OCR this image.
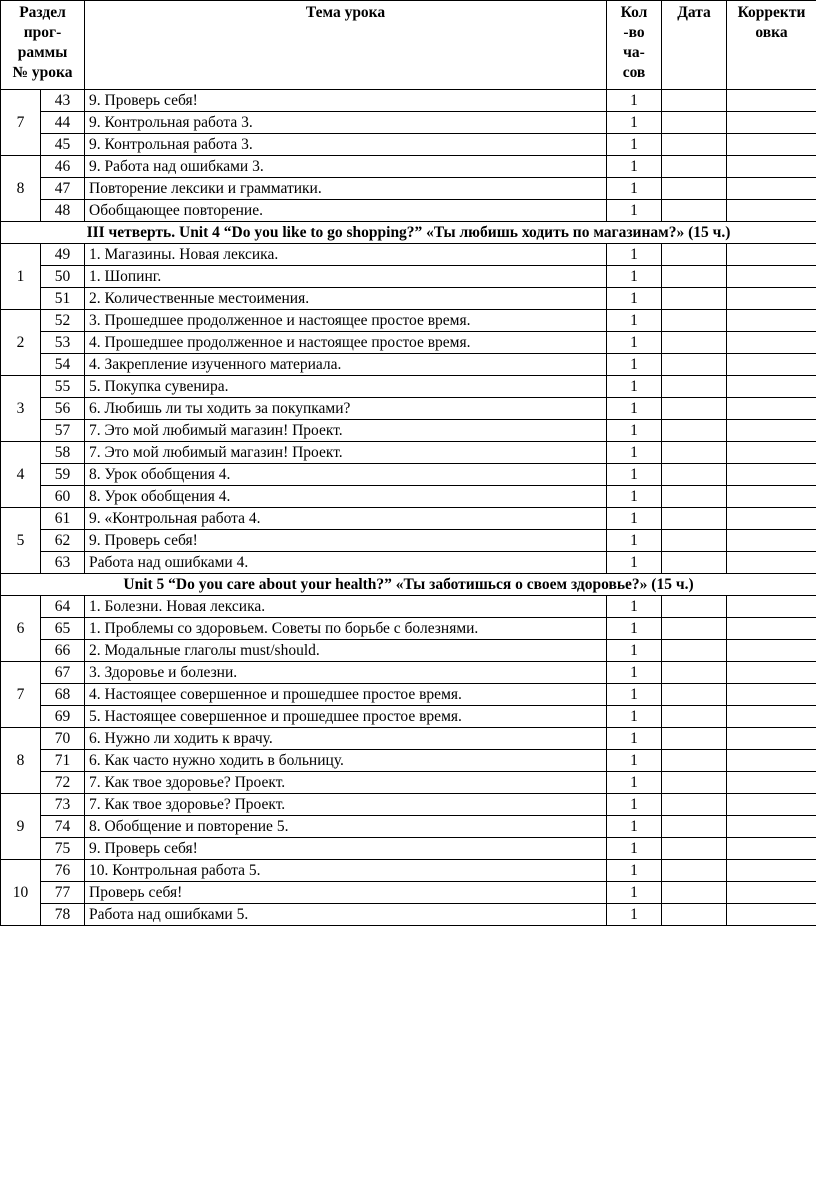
Раздел
прог-
раммы
№ урока		Тема урока	Кол
-во
ча-
сов	Дата	Корректи
овка

7	43	9. Проверь себя!	1		
	44	9. Контрольная работа 3.	1		
	45	9. Контрольная работа 3.	1		
8	46	9. Работа над ошибками 3.	1		
	47	Повторение лексики и грамматики.	1		
	48	Обобщающее повторение.	1		
III четверть. Unit 4 “Do you like to go shopping?” «Ты любишь ходить по магазинам?» (15 ч.)					
1	49	1. Магазины. Новая лексика.	1		
	50	1. Шопинг.	1		
	51	2. Количественные местоимения.	1		
2	52	3. Прошедшее продолженное и настоящее простое время.	1		
	53	4. Прошедшее продолженное и настоящее простое время.	1		
	54	4. Закрепление изученного материала.	1		
3	55	5. Покупка сувенира.	1		
	56	6. Любишь ли ты ходить за покупками?	1		
	57	7. Это мой любимый магазин! Проект.	1		
4	58	7. Это мой любимый магазин! Проект.	1		
	59	8. Урок обобщения 4.	1		
	60	8. Урок обобщения 4.	1		
5	61	9. «Контрольная работа 4.	1		
	62	9. Проверь себя!	1		
	63	Работа над ошибками 4.	1		
Unit 5 “Do you care about your health?” «Ты заботишься о своем здоровье?» (15 ч.)					
6	64	1. Болезни. Новая лексика.	1		
	65	1. Проблемы со здоровьем. Советы по борьбе с болезнями.	1		
	66	2. Модальные глаголы must/should.	1		
7	67	3. Здоровье и болезни.	1		
	68	4. Настоящее совершенное и прошедшее простое время.	1		
	69	5. Настоящее совершенное и прошедшее простое время.	1		
8	70	6. Нужно ли ходить к врачу.	1		
	71	6. Как часто нужно ходить в больницу.	1		
	72	7. Как твое здоровье? Проект.	1		
9	73	7. Как твое здоровье? Проект.	1		
	74	8. Обобщение и повторение 5.	1		
	75	9. Проверь себя!	1		
10	76	10. Контрольная работа 5.	1		
	77	Проверь себя!	1		
	78	Работа над ошибками 5.	1		
